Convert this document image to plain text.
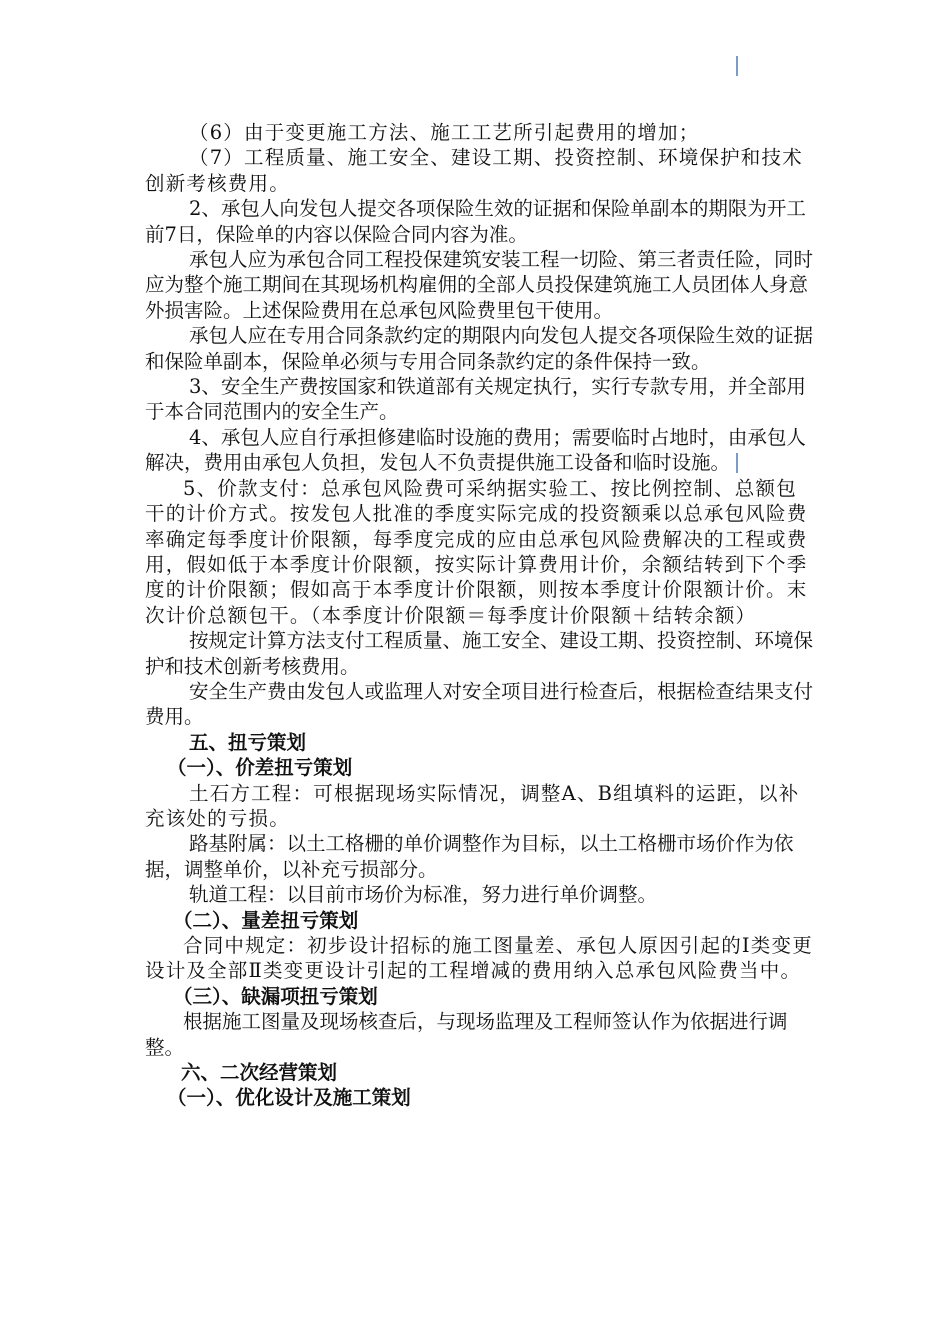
（6）由于变更施工方法、施工工艺所引起费用的增加；

（7）工程质量、施工安全、建设工期、投资控制、环境保护和技术创新考核费用。

2、承包人向发包人提交各项保险生效的证据和保险单副本的期限为开工前7日，保险单的内容以保险合同内容为准。

承包人应为承包合同工程投保建筑安装工程一切险、第三者责任险，同时应为整个施工期间在其现场机构雇佣的全部人员投保建筑施工人员团体人身意外损害险。上述保险费用在总承包风险费里包干使用。

承包人应在专用合同条款约定的期限内向发包人提交各项保险生效的证据和保险单副本，保险单必须与专用合同条款约定的条件保持一致。

3、安全生产费按国家和铁道部有关规定执行，实行专款专用，并全部用于本合同范围内的安全生产。

4、承包人应自行承担修建临时设施的费用；需要临时占地时，由承包人解决，费用由承包人负担，发包人不负责提供施工设备和临时设施。

5、价款支付：总承包风险费可采纳据实验工、按比例控制、总额包干的计价方式。按发包人批准的季度实际完成的投资额乘以总承包风险费率确定每季度计价限额，每季度完成的应由总承包风险费解决的工程或费用，假如低于本季度计价限额，按实际计算费用计价，余额结转到下个季度的计价限额；假如高于本季度计价限额，则按本季度计价限额计价。末次计价总额包干。（本季度计价限额＝每季度计价限额＋结转余额）

按规定计算方法支付工程质量、施工安全、建设工期、投资控制、环境保护和技术创新考核费用。

安全生产费由发包人或监理人对安全项目进行检查后，根据检查结果支付费用。

五、扭亏策划

（一）、价差扭亏策划

土石方工程：可根据现场实际情况，调整A、B组填料的运距，以补充该处的亏损。

路基附属：以土工格栅的单价调整作为目标，以土工格栅市场价作为依据，调整单价，以补充亏损部分。

轨道工程：以目前市场价为标准，努力进行单价调整。

（二）、量差扭亏策划

合同中规定：初步设计招标的施工图量差、承包人原因引起的Ⅰ类变更设计及全部Ⅱ类变更设计引起的工程增减的费用纳入总承包风险费当中。

（三）、缺漏项扭亏策划

根据施工图量及现场核查后，与现场监理及工程师签认作为依据进行调整。

六、二次经营策划

（一）、优化设计及施工策划
